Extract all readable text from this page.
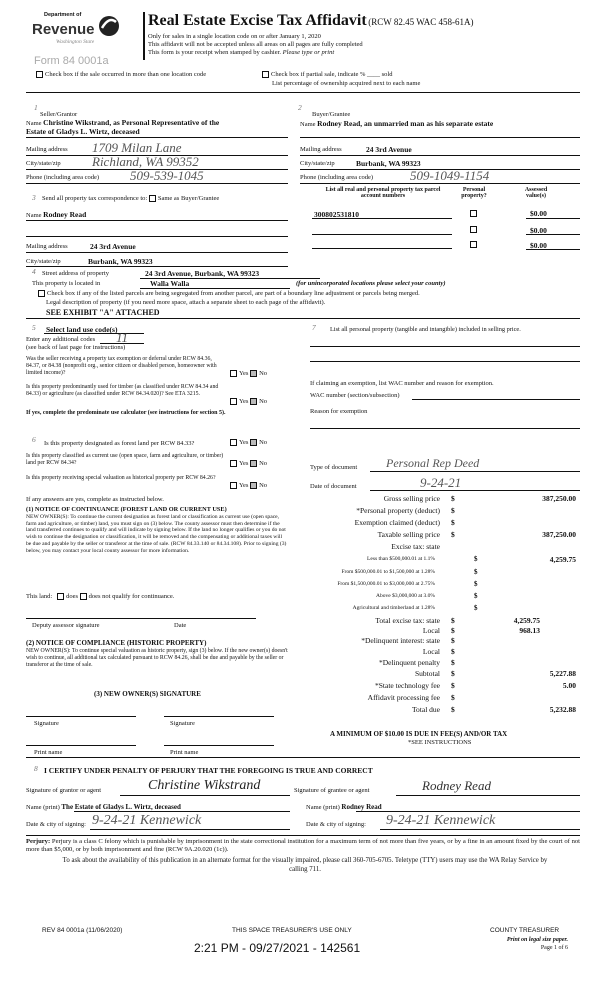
Department of
Revenue
Washington State
Form 84 0001a
Real Estate Excise Tax Affidavit (RCW 82.45 WAC 458-61A)
Only for sales in a single location code on or after January 1, 2020
This affidavit will not be accepted unless all areas on all pages are fully completed
This form is your receipt when stamped by cashier. Please type or print
Check box if the sale occurred in more than one location code	Check box if partial sale, indicate % ____ sold
List percentage of ownership acquired next to each name
1
Seller/Grantor
Name Christine Wikstrand, as Personal Representative of the
Estate of Gladys L. Wirtz, deceased
Mailing address 1709 Milan Lane
City/state/zip Richland, WA 99352
Phone (including area code) 509-539-1045
2
Buyer/Grantee
Name Rodney Read, an unmarried man as his separate estate
Mailing address	24 3rd Avenue
City/state/zip	Burbank, WA 99323
Phone (including area code)	509-1049-1154
3 Send all property tax correspondence to: Same as Buyer/Grantee
Name Rodney Read
Mailing address	24 3rd Avenue
City/state/zip	Burbank, WA 99323
List all real and personal property tax parcel account numbers
Personal property?
Assessed value(s)
300802531810	$0.00
$0.00
$0.00
4 Street address of property	24 3rd Avenue, Burbank, WA 99323
This property is located in	Walla Walla	(for unincorporated locations please select your county)
Check box if any of the listed parcels are being segregated from another parcel, are part of a boundary line adjustment or parcels being merged.
Legal description of property (if you need more space, attach a separate sheet to each page of the affidavit).
SEE EXHIBIT "A" ATTACHED
5 Select land use code(s)
Enter any additional codes 11
(see back of last page for instructions)
Was the seller receiving a property tax exemption or deferral under RCW 84.36, 84.37, or 84.38 (nonprofit org., senior citizen or disabled person, homeowner with limited income)?	Yes No
Is this property predominantly used for timber (as classified under RCW 84.34 and 84.33) or agriculture (as classified under RCW 84.34.020)? See ETA 3215.
Yes No
If yes, complete the predominate use calculator (see instructions for section 5).
6 Is this property designated as forest land per RCW 84.33?	Yes No
Is this property classified as current use (open space, farm and agriculture, or timber) land per RCW 84.34?	Yes No
Is this property receiving special valuation as historical property per RCW 84.26?
Yes No
If any answers are yes, complete as instructed below.
(1) NOTICE OF CONTINUANCE (FOREST LAND OR CURRENT USE)
NEW OWNER(S): To continue the current designation as forest land or classification as current use (open space, farm and agriculture, or timber) land, you must sign on (3) below. The county assessor must then determine if the land transferred continues to qualify and will indicate by signing below. If the land no longer qualifies or you do not wish to continue the designation or classification, it will be removed and the compensating or additional taxes will be due and payable by the seller or transferor at the time of sale. (RCW 84.33.140 or 84.34.108). Prior to signing (3) below, you may contact your local county assessor for more information.
This land: does does not qualify for continuance.
Deputy assessor signature	Date
(2) NOTICE OF COMPLIANCE (HISTORIC PROPERTY)
NEW OWNER(S): To continue special valuation as historic property, sign (3) below. If the new owner(s) doesn't wish to continue, all additional tax calculated pursuant to RCW 84.26, shall be due and payable by the seller or transferor at the time of sale.
(3) NEW OWNER(S) SIGNATURE
Signature	Signature
Print name	Print name
7 List all personal property (tangible and intangible) included in selling price.
If claiming an exemption, list WAC number and reason for exemption.
WAC number (section/subsection)
Reason for exemption
Type of document Personal Rep Deed
Date of document	9-24-21
Gross selling price $	387,250.00
*Personal property (deduct) $
Exemption claimed (deduct) $
Taxable selling price $	387,250.00
Excise tax: state
Less than $500,000.01 at 1.1%	$	4,259.75
From $500,000.01 to $1,500,000 at 1.28%	$
From $1,500,000.01 to $3,000,000 at 2.75%	$
Above $3,000,000 at 3.0%	$
Agricultural and timberland at 1.28%	$
Total excise tax: state $	4,259.75
Local $	968.13
*Delinquent interest: state $
Local $
*Delinquent penalty $
Subtotal $	5,227.88
*State technology fee $	5.00
Affidavit processing fee $
Total due $	5,232.88
A MINIMUM OF $10.00 IS DUE IN FEE(S) AND/OR TAX
*SEE INSTRUCTIONS
8 I CERTIFY UNDER PENALTY OF PERJURY THAT THE FOREGOING IS TRUE AND CORRECT
Signature of grantor or agent	Christine Wikstrand	Signature of grantee or agent	Rodney Read
Name (print) The Estate of Gladys L. Wirtz, deceased	Name (print) Rodney Read
Date & city of signing: 9-24-21 Kennewick	Date & city of signing: 9-24-21 Kennewick
Perjury: Perjury is a class C felony which is punishable by imprisonment in the state correctional institution for a maximum term of not more than five years, or by a fine in an amount fixed by the court of not more than $5,000, or by both imprisonment and fine (RCW 9A.20.020 (1c)).
To ask about the availability of this publication in an alternate format for the visually impaired, please call 360-705-6705. Teletype (TTY) users may use the WA Relay Service by calling 711.
REV 84 0001a (11/06/2020)	THIS SPACE TREASURER'S USE ONLY	COUNTY TREASURER
Print on legal size paper.
Page 1 of 6
2:21 PM - 09/27/2021 - 142561
